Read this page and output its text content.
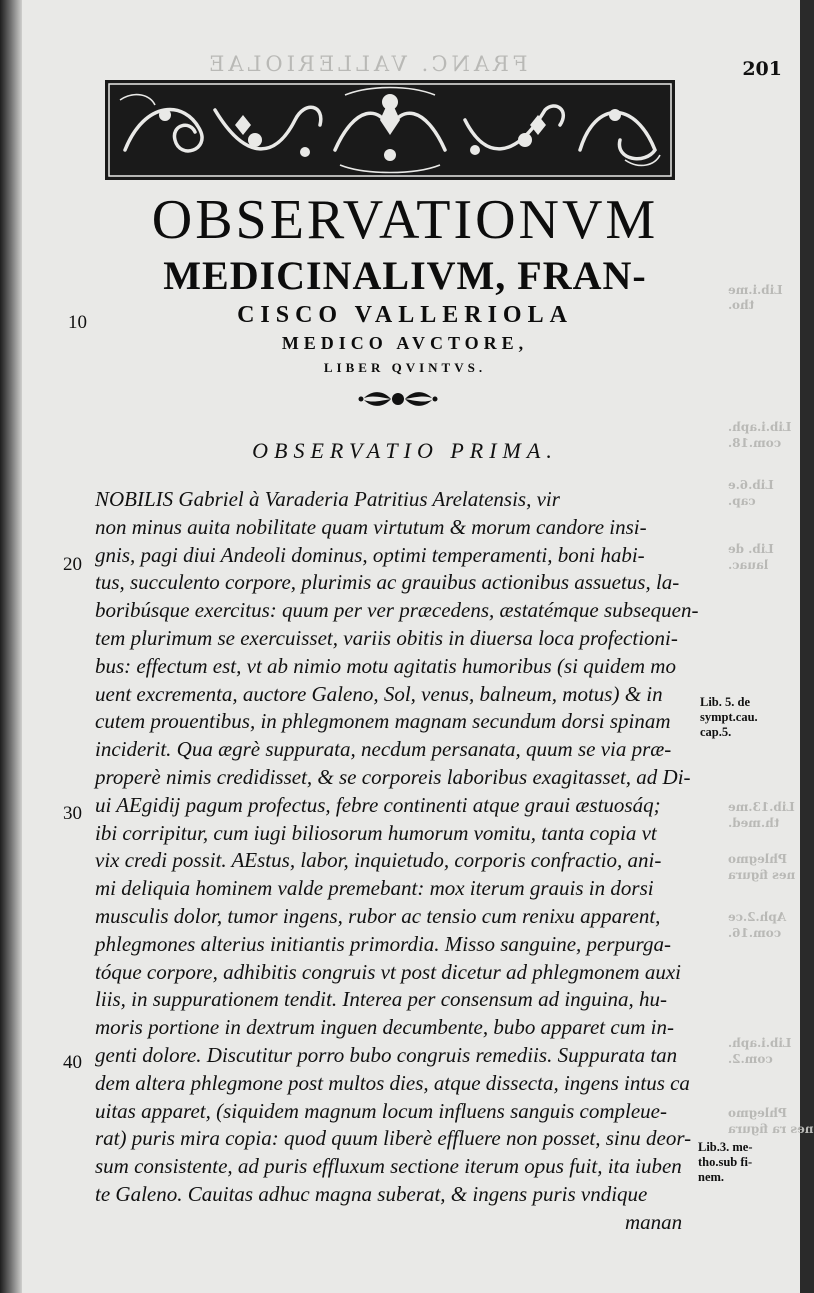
FRANC. VALLERIOLAE
Lib.i.me
tho.
Lib.i.aph.
com.18.
Lib.6.e
cap.
Lib. de
lauac.
Lib.13.me
th.med.
Phlegmo
nes figura
Aph.2.ce
com.16.
Lib.i.aph.
com.2.
Phlegmo
nes ra figura
201
OBSERVATIONVM
MEDICINALIVM, FRAN-
CISCO VALLERIOLA
MEDICO AVCTORE,
LIBER QVINTVS.
OBSERVATIO PRIMA.
10
20
30
40
NOBILIS Gabriel à Varaderia Patritius Arelatensis, vir
non minus auita nobilitate quam virtutum & morum candore insi-
gnis, pagi diui Andeoli dominus, optimi temperamenti, boni habi-
tus, succulento corpore, plurimis ac grauibus actionibus assuetus, la-
boribúsque exercitus: quum per ver præcedens, æstatémque subsequen-
tem plurimum se exercuisset, variis obitis in diuersa loca profectioni-
bus: effectum est, vt ab nimio motu agitatis humoribus (si quidem mo
uent excrementa, auctore Galeno, Sol, venus, balneum, motus) & in
cutem prouentibus, in phlegmonem magnam secundum dorsi spinam
inciderit. Qua ægrè suppurata, necdum persanata, quum se via præ-
properè nimis credidisset, & se corporeis laboribus exagitasset, ad Di-
ui AEgidij pagum profectus, febre continenti atque graui æstuosáq;
ibi corripitur, cum iugi biliosorum humorum vomitu, tanta copia vt
vix credi possit. AEstus, labor, inquietudo, corporis confractio, ani-
mi deliquia hominem valde premebant: mox iterum grauis in dorsi
musculis dolor, tumor ingens, rubor ac tensio cum renixu apparent,
phlegmones alterius initiantis primordia. Misso sanguine, perpurga-
tóque corpore, adhibitis congruis vt post dicetur ad phlegmonem auxi
liis, in suppurationem tendit. Interea per consensum ad inguina, hu-
moris portione in dextrum inguen decumbente, bubo apparet cum in-
genti dolore. Discutitur porro bubo congruis remediis. Suppurata tan
dem altera phlegmone post multos dies, atque dissecta, ingens intus ca
uitas apparet, (siquidem magnum locum influens sanguis compleue-
rat) puris mira copia: quod quum liberè effluere non posset, sinu deor-
sum consistente, ad puris effluxum sectione iterum opus fuit, ita iuben
te Galeno. Cauitas adhuc magna suberat, & ingens puris vndique
manan
Lib. 5. de
sympt.cau.
cap.5.
Lib.3. me-
tho.sub fi-
nem.
